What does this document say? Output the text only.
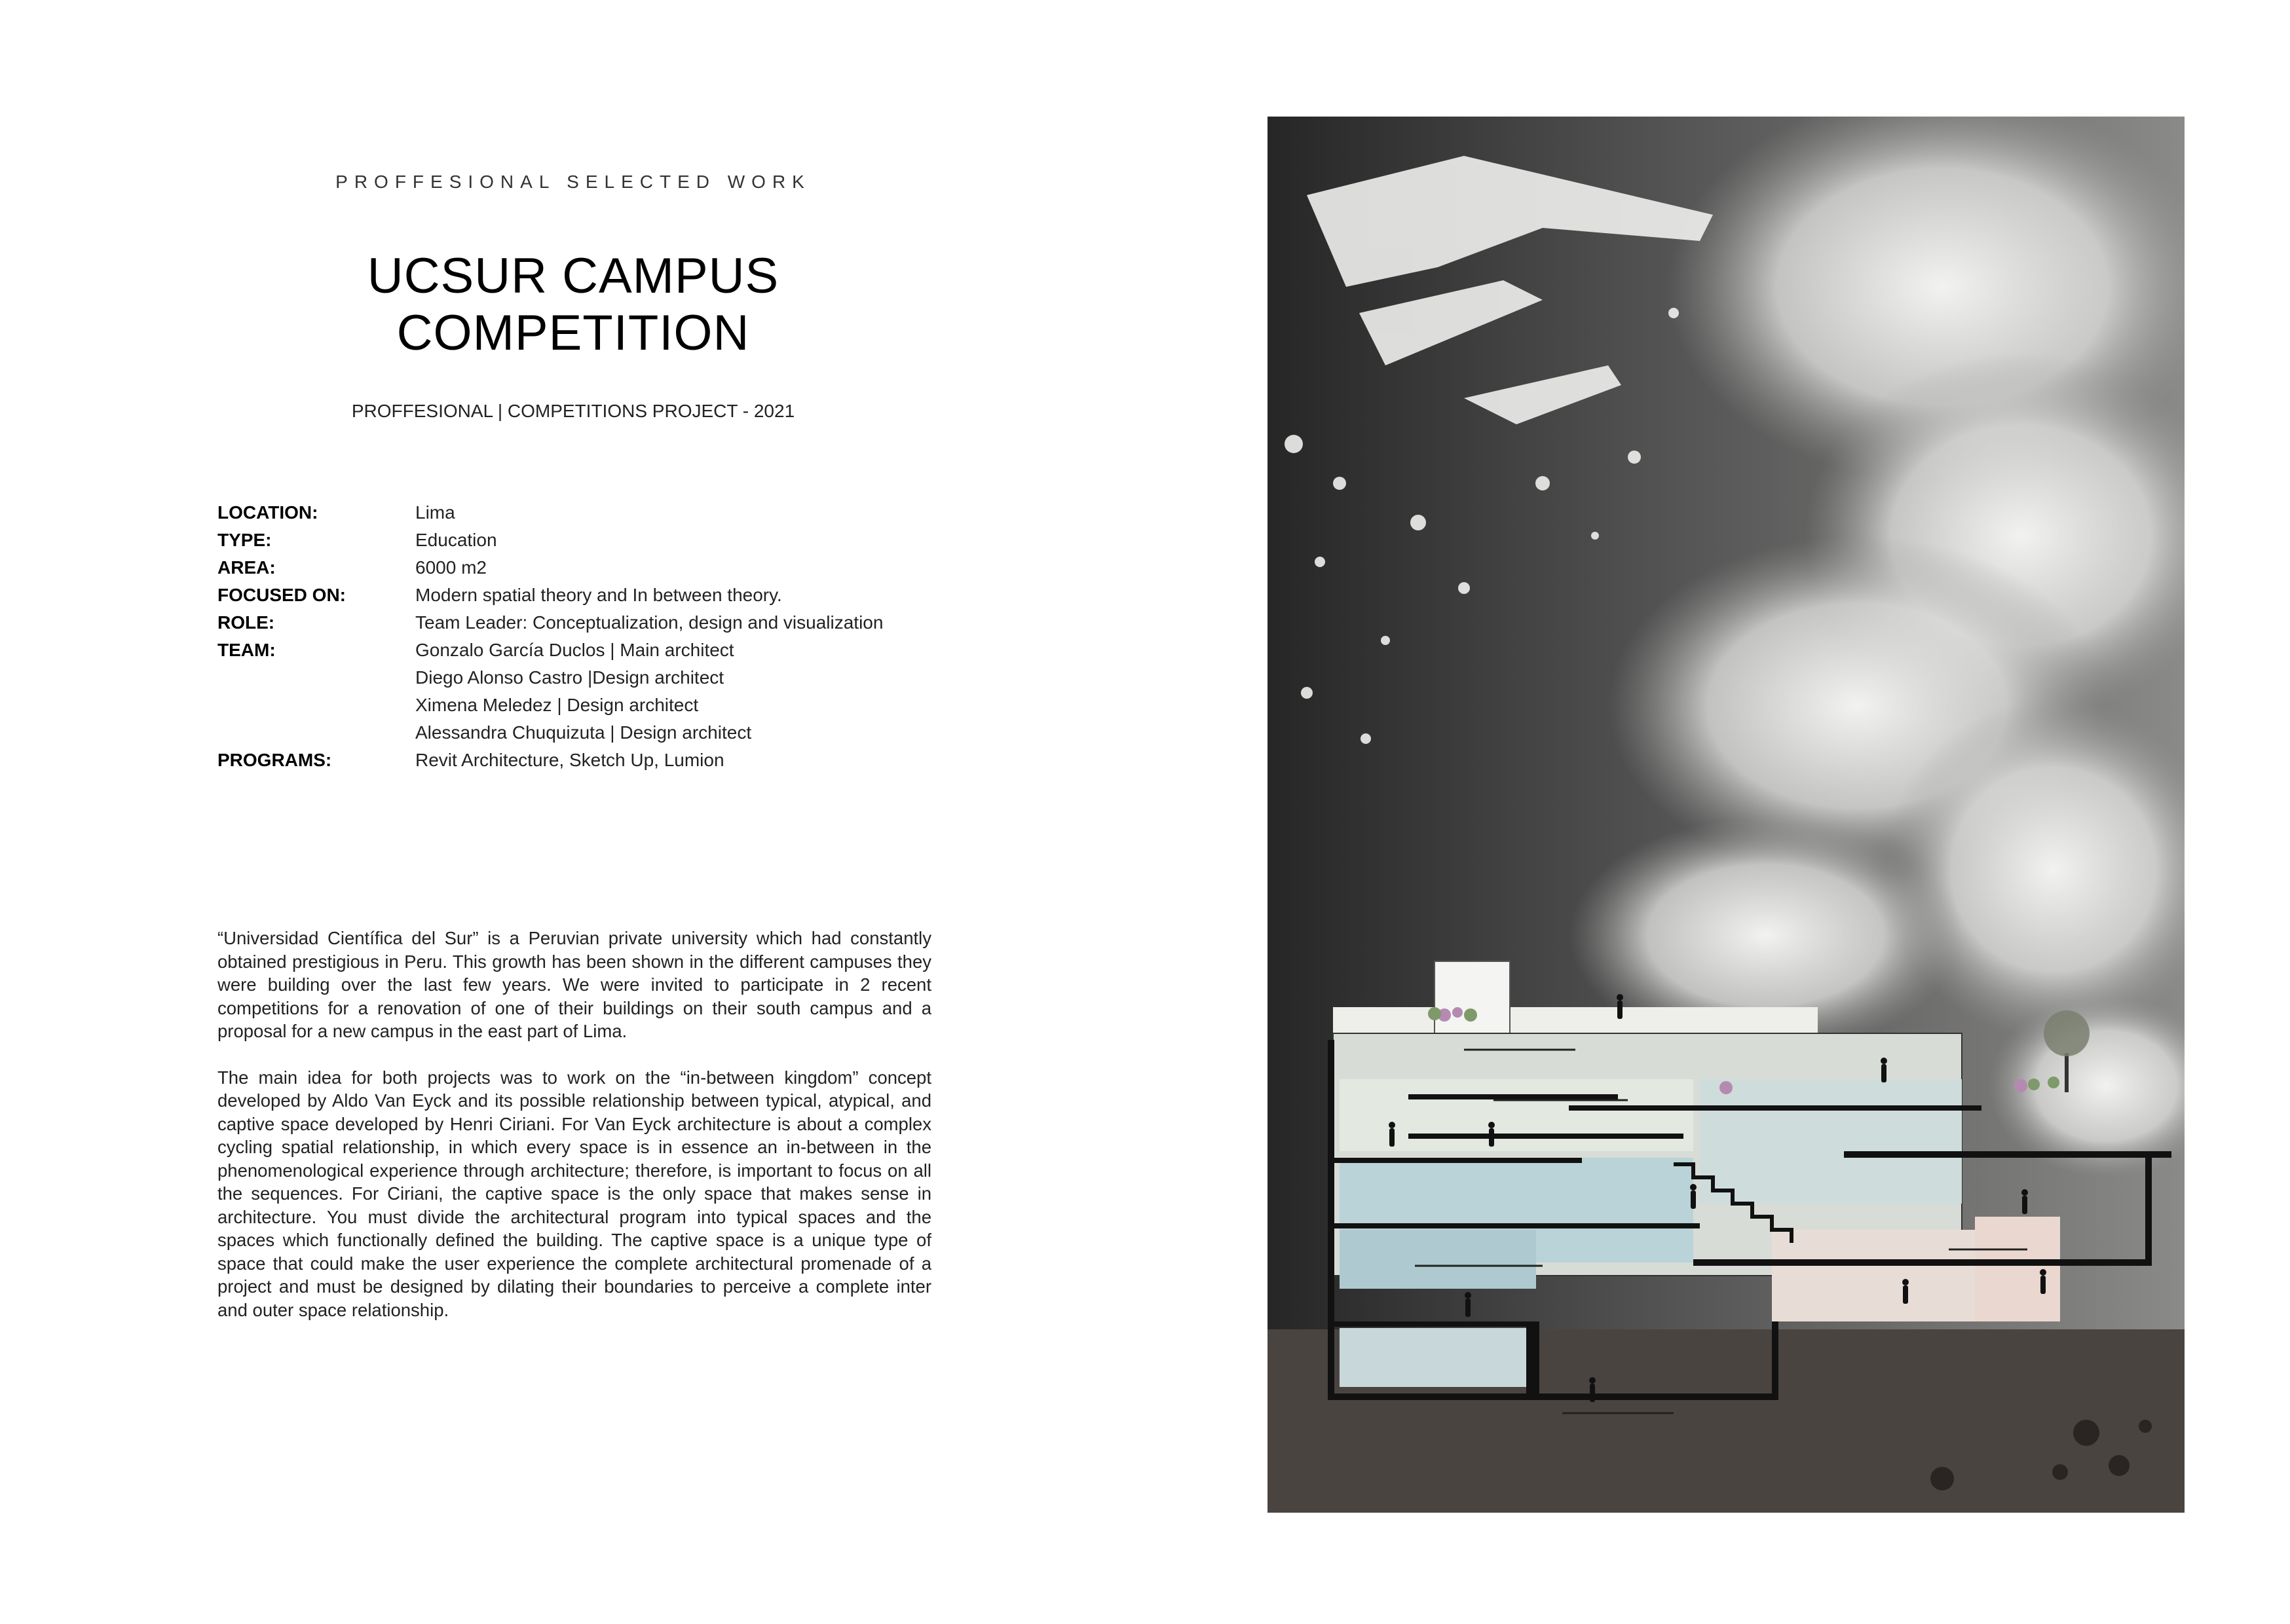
PROFFESIONAL SELECTED WORK
UCSUR CAMPUS COMPETITION
PROFFESIONAL | COMPETITIONS PROJECT - 2021
LOCATION:	Lima
TYPE:	Education
AREA:	6000 m2
FOCUSED ON:	Modern spatial theory and In between theory.
ROLE:	Team Leader: Conceptualization, design and visualization
TEAM:	Gonzalo García Duclos | Main architect
Diego Alonso Castro |Design architect
Ximena Meledez | Design architect
Alessandra Chuquizuta | Design architect
PROGRAMS:	Revit Architecture, Sketch Up, Lumion

“Universidad Científica del Sur” is a Peruvian private university which had constantly obtained prestigious in Peru. This growth has been shown in the different campuses they were building over the last few years. We were invited to participate in 2 recent competitions for a renovation of one of their buildings on their south campus and a proposal for a new campus in the east part of Lima.

The main idea for both projects was to work on the “in-between kingdom” concept developed by Aldo Van Eyck and its possible relationship between typical, atypical, and captive space developed by Henri Ciriani. For Van Eyck architecture is about a complex cycling spatial relationship, in which every space is in essence an in-between in the phenomenological experience through architecture; therefore, is important to focus on all the sequences. For Ciriani, the captive space is the only space that makes sense in architecture. You must divide the architectural program into typical spaces and the spaces which functionally defined the building. The captive space is a unique type of space that could make the user experience the complete architectural promenade of a project and must be designed by dilating their boundaries to perceive a complete inter and outer space relationship.
